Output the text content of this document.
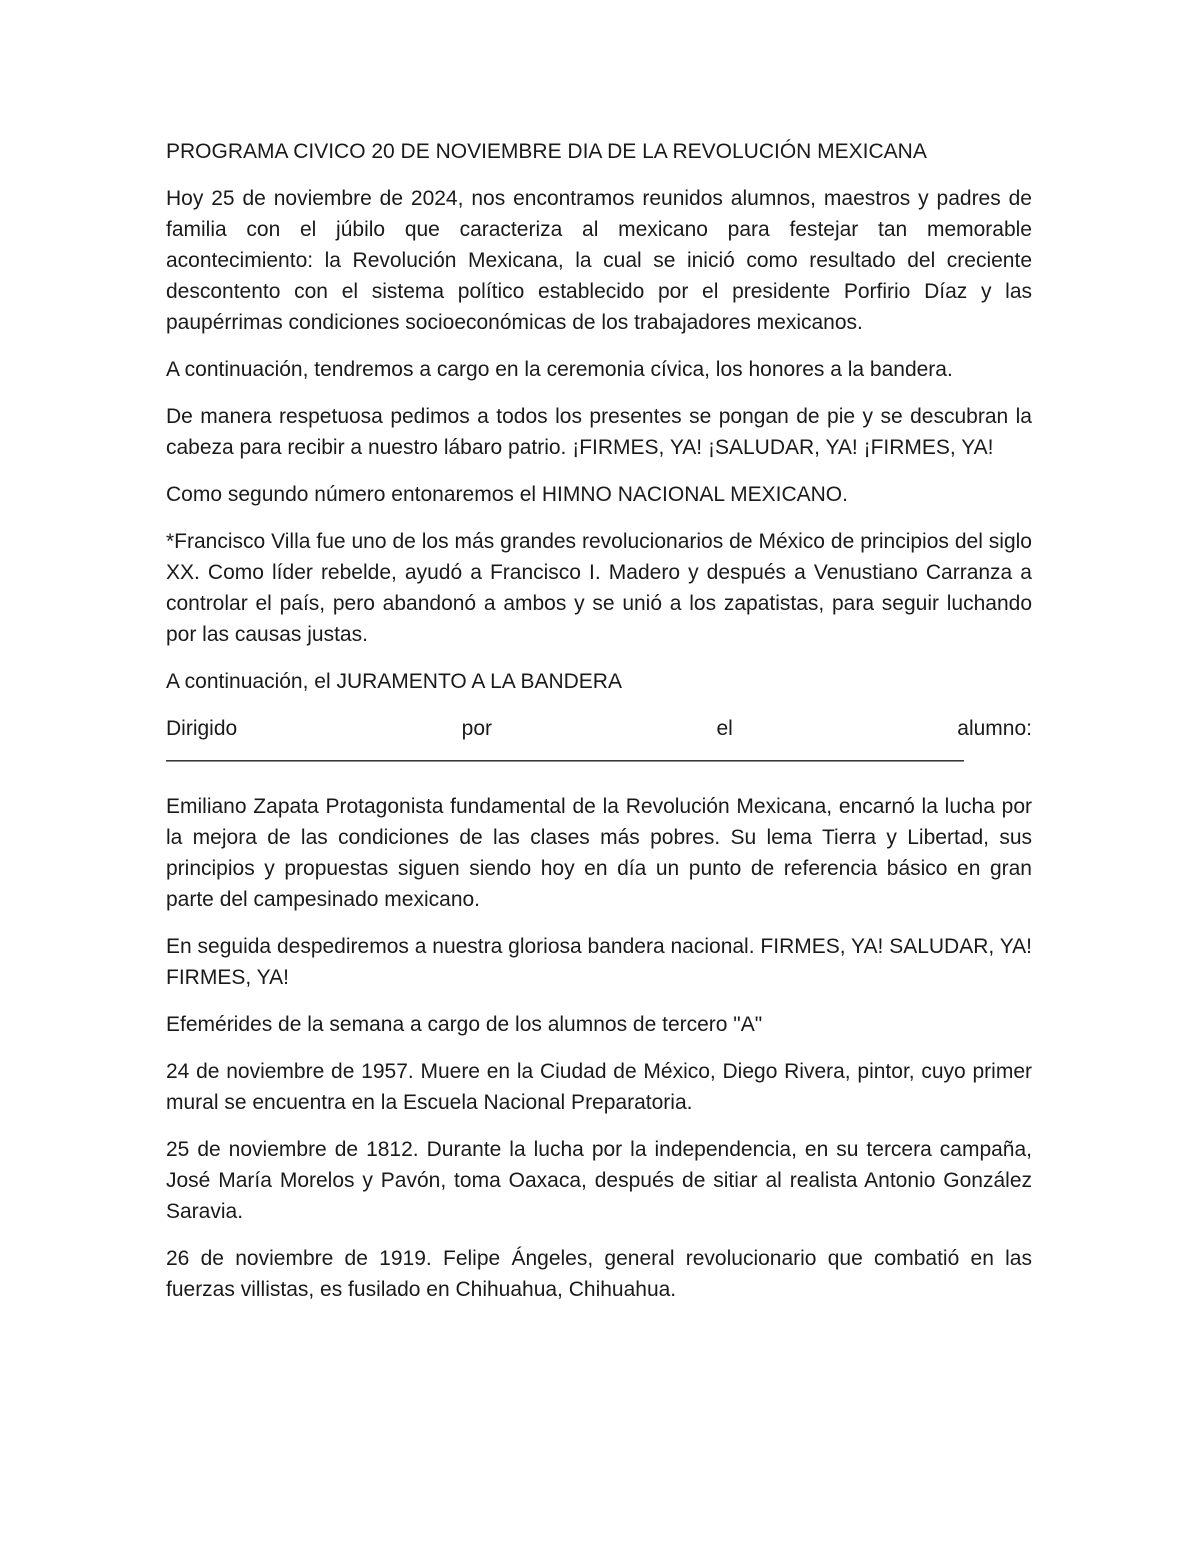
PROGRAMA CIVICO 20 DE NOVIEMBRE DIA DE LA REVOLUCIÓN MEXICANA

Hoy 25 de noviembre de 2024, nos encontramos reunidos alumnos, maestros y padres de familia con el júbilo que caracteriza al mexicano para festejar tan memorable acontecimiento: la Revolución Mexicana, la cual se inició como resultado del creciente descontento con el sistema político establecido por el presidente Porfirio Díaz y las paupérrimas condiciones socioeconómicas de los trabajadores mexicanos.

A continuación, tendremos a cargo en la ceremonia cívica, los honores a la bandera.

De manera respetuosa pedimos a todos los presentes se pongan de pie y se descubran la cabeza para recibir a nuestro lábaro patrio. ¡FIRMES, YA! ¡SALUDAR, YA! ¡FIRMES, YA!

Como segundo número entonaremos el HIMNO NACIONAL MEXICANO.

*Francisco Villa fue uno de los más grandes revolucionarios de México de principios del siglo XX. Como líder rebelde, ayudó a Francisco I. Madero y después a Venustiano Carranza a controlar el país, pero abandonó a ambos y se unió a los zapatistas, para seguir luchando por las causas justas.

A continuación, el JURAMENTO A LA BANDERA

Dirigido	por	el	alumno:
——————————————————————————————————————

Emiliano Zapata Protagonista fundamental de la Revolución Mexicana, encarnó la lucha por la mejora de las condiciones de las clases más pobres. Su lema Tierra y Libertad, sus principios y propuestas siguen siendo hoy en día un punto de referencia básico en gran parte del campesinado mexicano.

En seguida despediremos a nuestra gloriosa bandera nacional. FIRMES, YA! SALUDAR, YA! FIRMES, YA!

Efemérides de la semana a cargo de los alumnos de tercero "A"

24 de noviembre de 1957. Muere en la Ciudad de México, Diego Rivera, pintor, cuyo primer mural se encuentra en la Escuela Nacional Preparatoria.

25 de noviembre de 1812. Durante la lucha por la independencia, en su tercera campaña, José María Morelos y Pavón, toma Oaxaca, después de sitiar al realista Antonio González Saravia.

26 de noviembre de 1919. Felipe Ángeles, general revolucionario que combatió en las fuerzas villistas, es fusilado en Chihuahua, Chihuahua.
